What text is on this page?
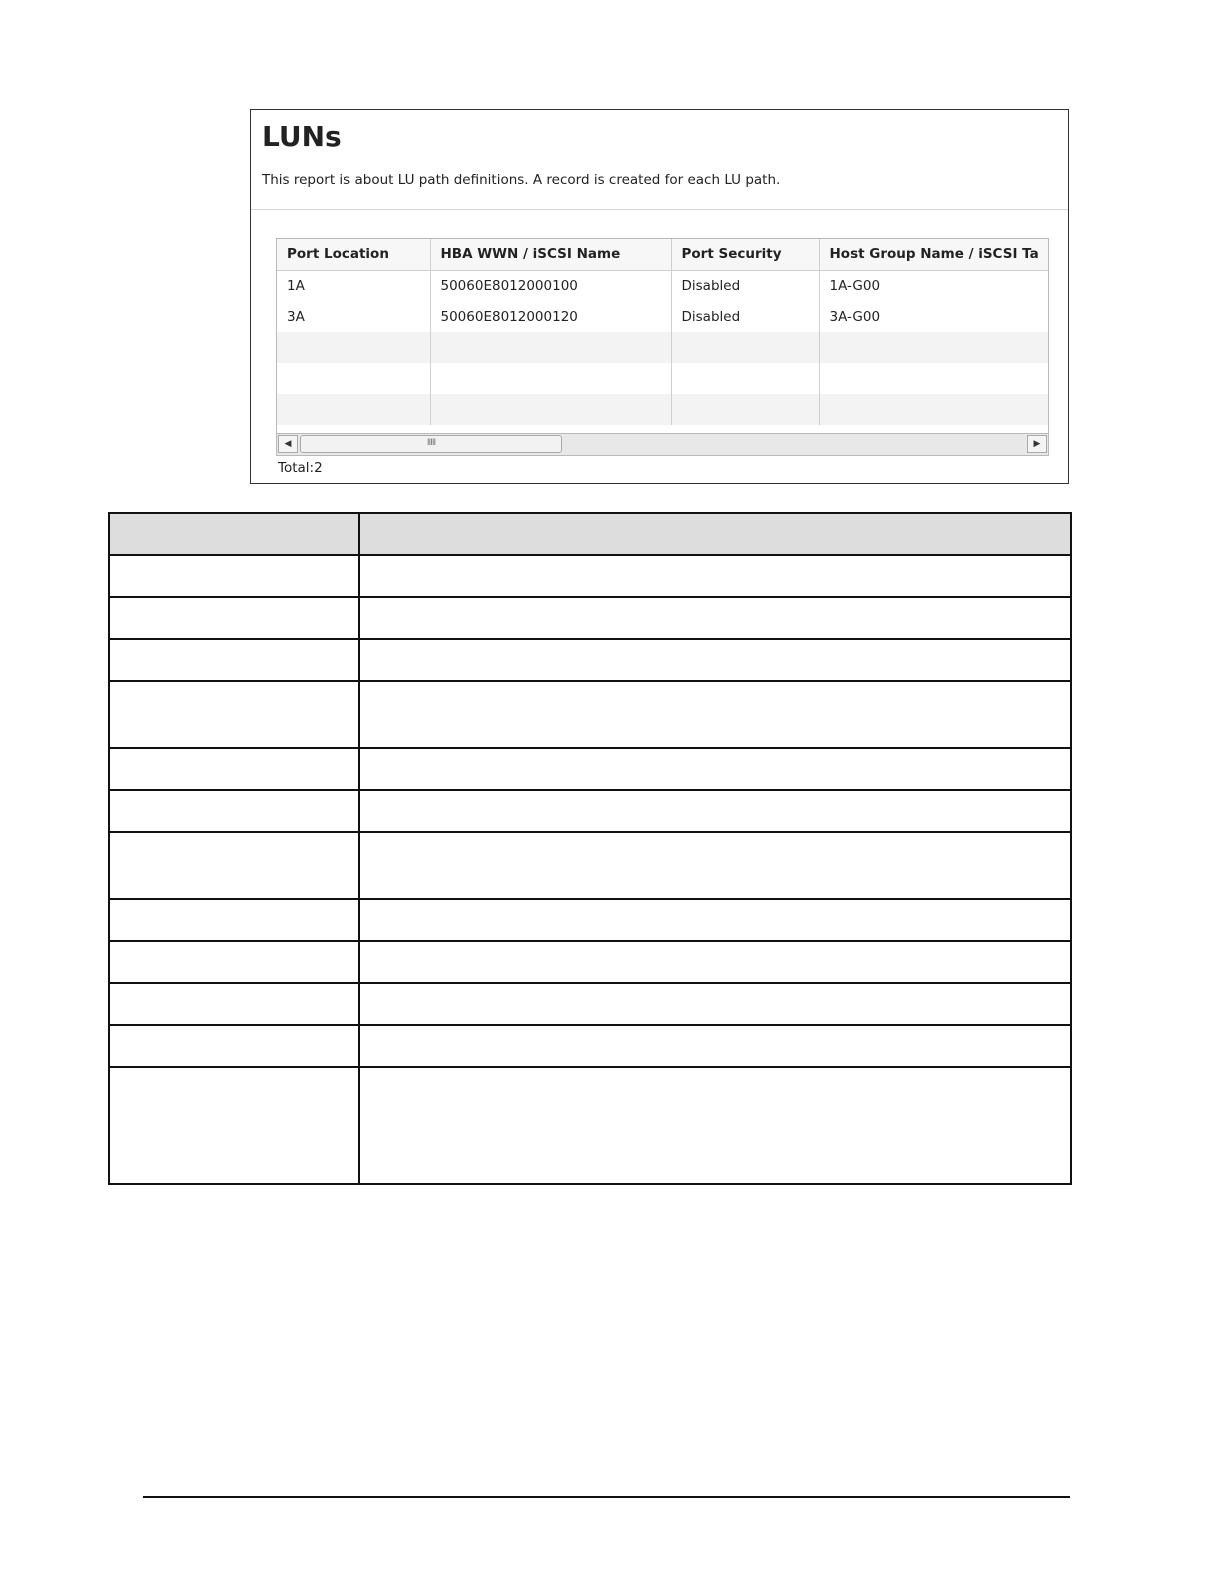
LUNs
This report is about LU path definitions. A record is created for each LU path.
Port Location	HBA WWN / iSCSI Name	Port Security	Host Group Name / iSCSI Ta
1A	50060E8012000100	Disabled	1A-G00
3A	50060E8012000120	Disabled	3A-G00

◀	IIIII	▶
Total:2
